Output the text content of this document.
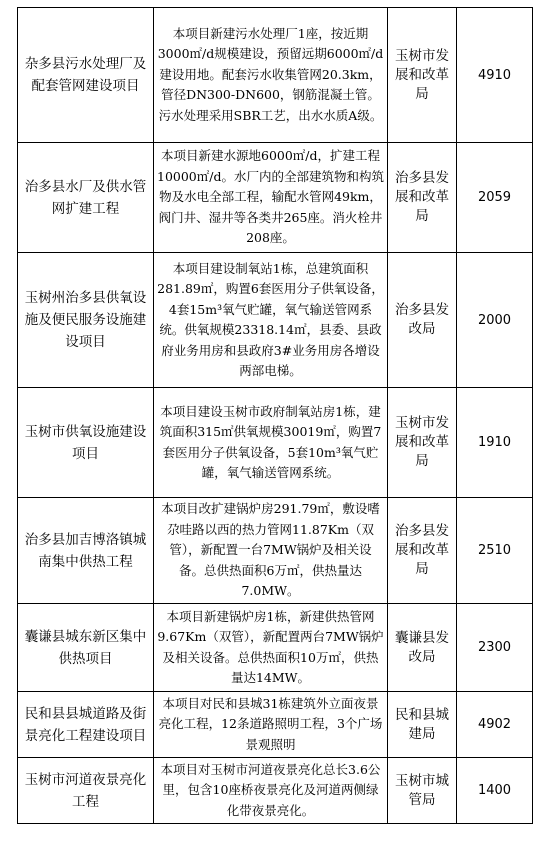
杂多县污水处理厂及配套管网建设项目	本项目新建污水处理厂1座，按近期3000㎡/d规模建设，预留远期6000㎡/d建设用地。配套污水收集管网20.3km，管径DN300-DN600，钢筋混凝土管。污水处理采用SBR工艺，出水水质A级。	玉树市发展和改革局	4910
治多县水厂及供水管网扩建工程	本项目新建水源地6000㎡/d，扩建工程10000㎡/d。水厂内的全部建筑物和构筑物及水电全部工程，输配水管网49km，阀门井、湿井等各类井265座。消火栓井208座。	治多县发展和改革局	2059
玉树州治多县供氧设施及便民服务设施建设项目	本项目建设制氧站1栋，总建筑面积281.89㎡，购置6套医用分子供氧设备，4套15m³氧气贮罐，氧气输送管网系统。供氧规模23318.14㎡，县委、县政府业务用房和县政府3#业务用房各增设两部电梯。	治多县发改局	2000
玉树市供氧设施建设项目	本项目建设玉树市政府制氧站房1栋，建筑面积315㎡供氧规模30019㎡，购置7套医用分子供氧设备，5套10m³氧气贮罐，氧气输送管网系统。	玉树市发展和改革局	1910
治多县加吉博洛镇城南集中供热工程	本项目改扩建锅炉房291.79㎡，敷设嗜尕哇路以西的热力管网11.87Km（双管），新配置一台7MW锅炉及相关设备。总供热面积6万㎡，供热量达7.0MW。	治多县发展和改革局	2510
囊谦县城东新区集中供热项目	本项目新建锅炉房1栋，新建供热管网9.67Km（双管），新配置两台7MW锅炉及相关设备。总供热面积10万㎡，供热量达14MW。	囊谦县发改局	2300
民和县县城道路及街景亮化工程建设项目	本项目对民和县城31栋建筑外立面夜景亮化工程，12条道路照明工程，3个广场景观照明	民和县城建局	4902
玉树市河道夜景亮化工程	本项目对玉树市河道夜景亮化总长3.6公里，包含10座桥夜景亮化及河道两侧绿化带夜景亮化。	玉树市城管局	1400
